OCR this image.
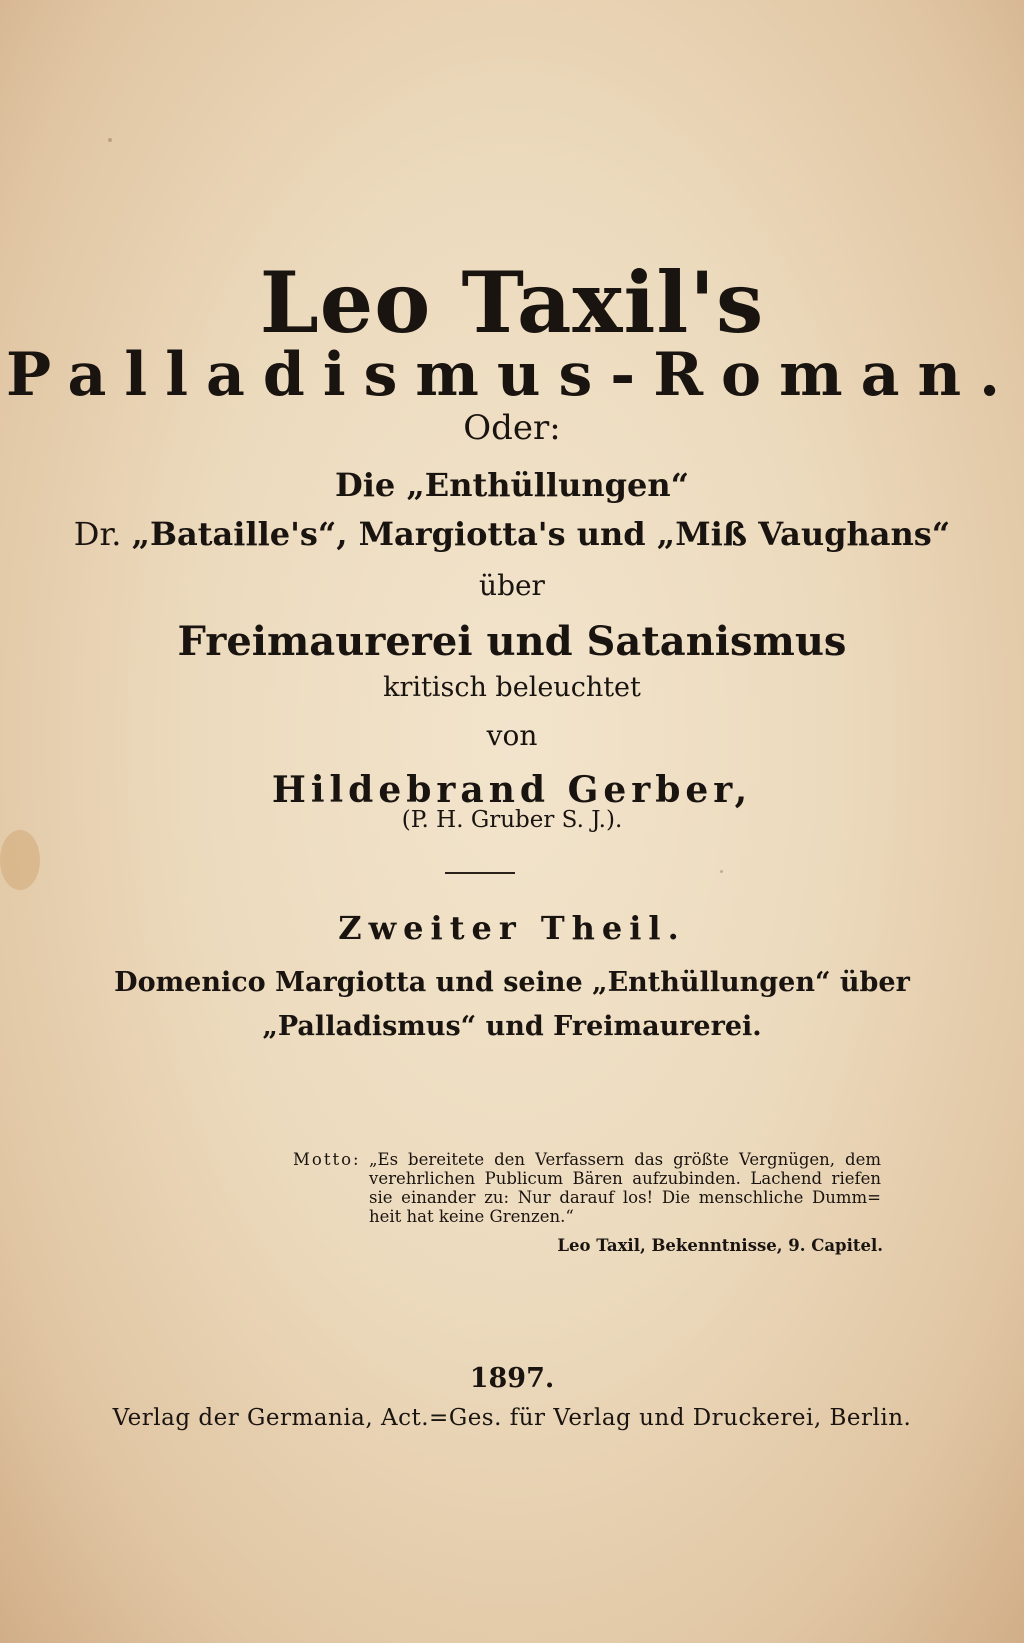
Leo Taxil's
Palladismus-Roman.
Oder:
Die „Enthüllungen“
Dr. „Bataille's“, Margiotta's und „Miß Vaughans“
über
Freimaurerei und Satanismus
kritisch beleuchtet
von
Hildebrand Gerber,
(P. H. Gruber S. J.).
Zweiter Theil.
Domenico Margiotta und seine „Enthüllungen“ über
„Palladismus“ und Freimaurerei.
Motto: „Es bereitete den Verfassern das größte Vergnügen, dem
verehrlichen Publicum Bären aufzubinden. Lachend riefen
sie einander zu: Nur darauf los! Die menschliche Dumm=
heit hat keine Grenzen.“
Leo Taxil, Bekenntnisse, 9. Capitel.
1897.
Verlag der Germania, Act.=Ges. für Verlag und Druckerei, Berlin.
